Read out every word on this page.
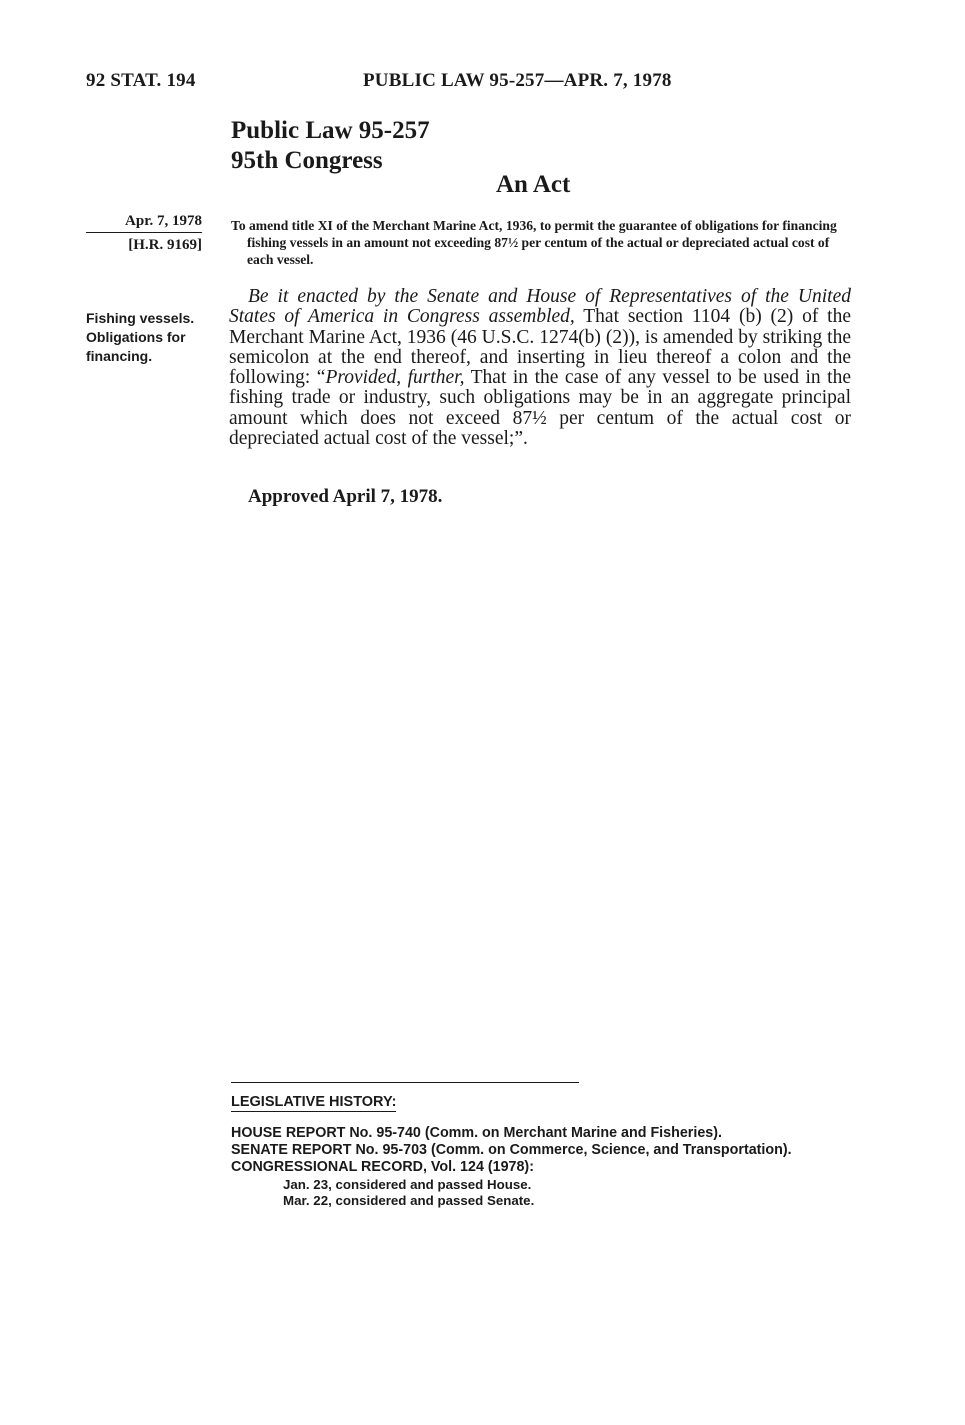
92 STAT. 194	PUBLIC LAW 95-257—APR. 7, 1978
Public Law 95-257
95th Congress
An Act
Apr. 7, 1978
[H.R. 9169]
To amend title XI of the Merchant Marine Act, 1936, to permit the guarantee of obligations for financing fishing vessels in an amount not exceeding 87½ per centum of the actual or depreciated actual cost of each vessel.
Fishing vessels.
Obligations for
financing.
Be it enacted by the Senate and House of Representatives of the United States of America in Congress assembled, That section 1104 (b) (2) of the Merchant Marine Act, 1936 (46 U.S.C. 1274(b) (2)), is amended by striking the semicolon at the end thereof, and inserting in lieu thereof a colon and the following: “Provided, further, That in the case of any vessel to be used in the fishing trade or industry, such obligations may be in an aggregate principal amount which does not exceed 87½ per centum of the actual cost or depreciated actual cost of the vessel;”.
Approved April 7, 1978.
LEGISLATIVE HISTORY:
HOUSE REPORT No. 95-740 (Comm. on Merchant Marine and Fisheries).
SENATE REPORT No. 95-703 (Comm. on Commerce, Science, and Transportation).
CONGRESSIONAL RECORD, Vol. 124 (1978):
Jan. 23, considered and passed House.
Mar. 22, considered and passed Senate.
